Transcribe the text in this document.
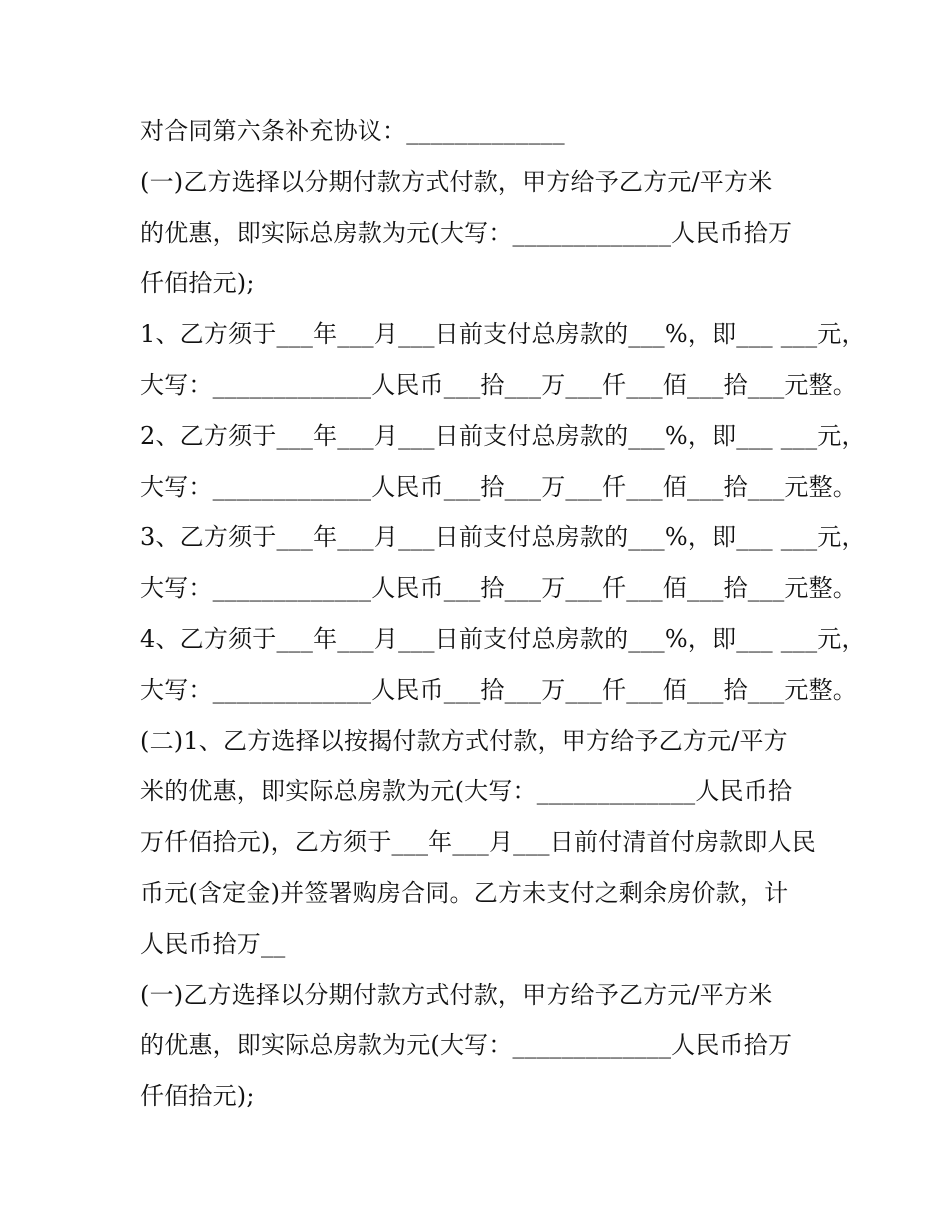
对合同第六条补充协议：_____________
(一)乙方选择以分期付款方式付款，甲方给予乙方元/平方米
的优惠，即实际总房款为元(大写：_____________人民币拾万
仟佰拾元);
1、乙方须于___年___月___日前支付总房款的___%，即___ ___元，
大写：_____________人民币___拾___万___仟___佰___拾___元整。
2、乙方须于___年___月___日前支付总房款的___%，即___ ___元，
大写：_____________人民币___拾___万___仟___佰___拾___元整。
3、乙方须于___年___月___日前支付总房款的___%，即___ ___元，
大写：_____________人民币___拾___万___仟___佰___拾___元整。
4、乙方须于___年___月___日前支付总房款的___%，即___ ___元，
大写：_____________人民币___拾___万___仟___佰___拾___元整。
(二)1、乙方选择以按揭付款方式付款，甲方给予乙方元/平方
米的优惠，即实际总房款为元(大写：_____________人民币拾
万仟佰拾元)，乙方须于___年___月___日前付清首付房款即人民
币元(含定金)并签署购房合同。乙方未支付之剩余房价款，计
人民币拾万__
(一)乙方选择以分期付款方式付款，甲方给予乙方元/平方米
的优惠，即实际总房款为元(大写：_____________人民币拾万
仟佰拾元);
